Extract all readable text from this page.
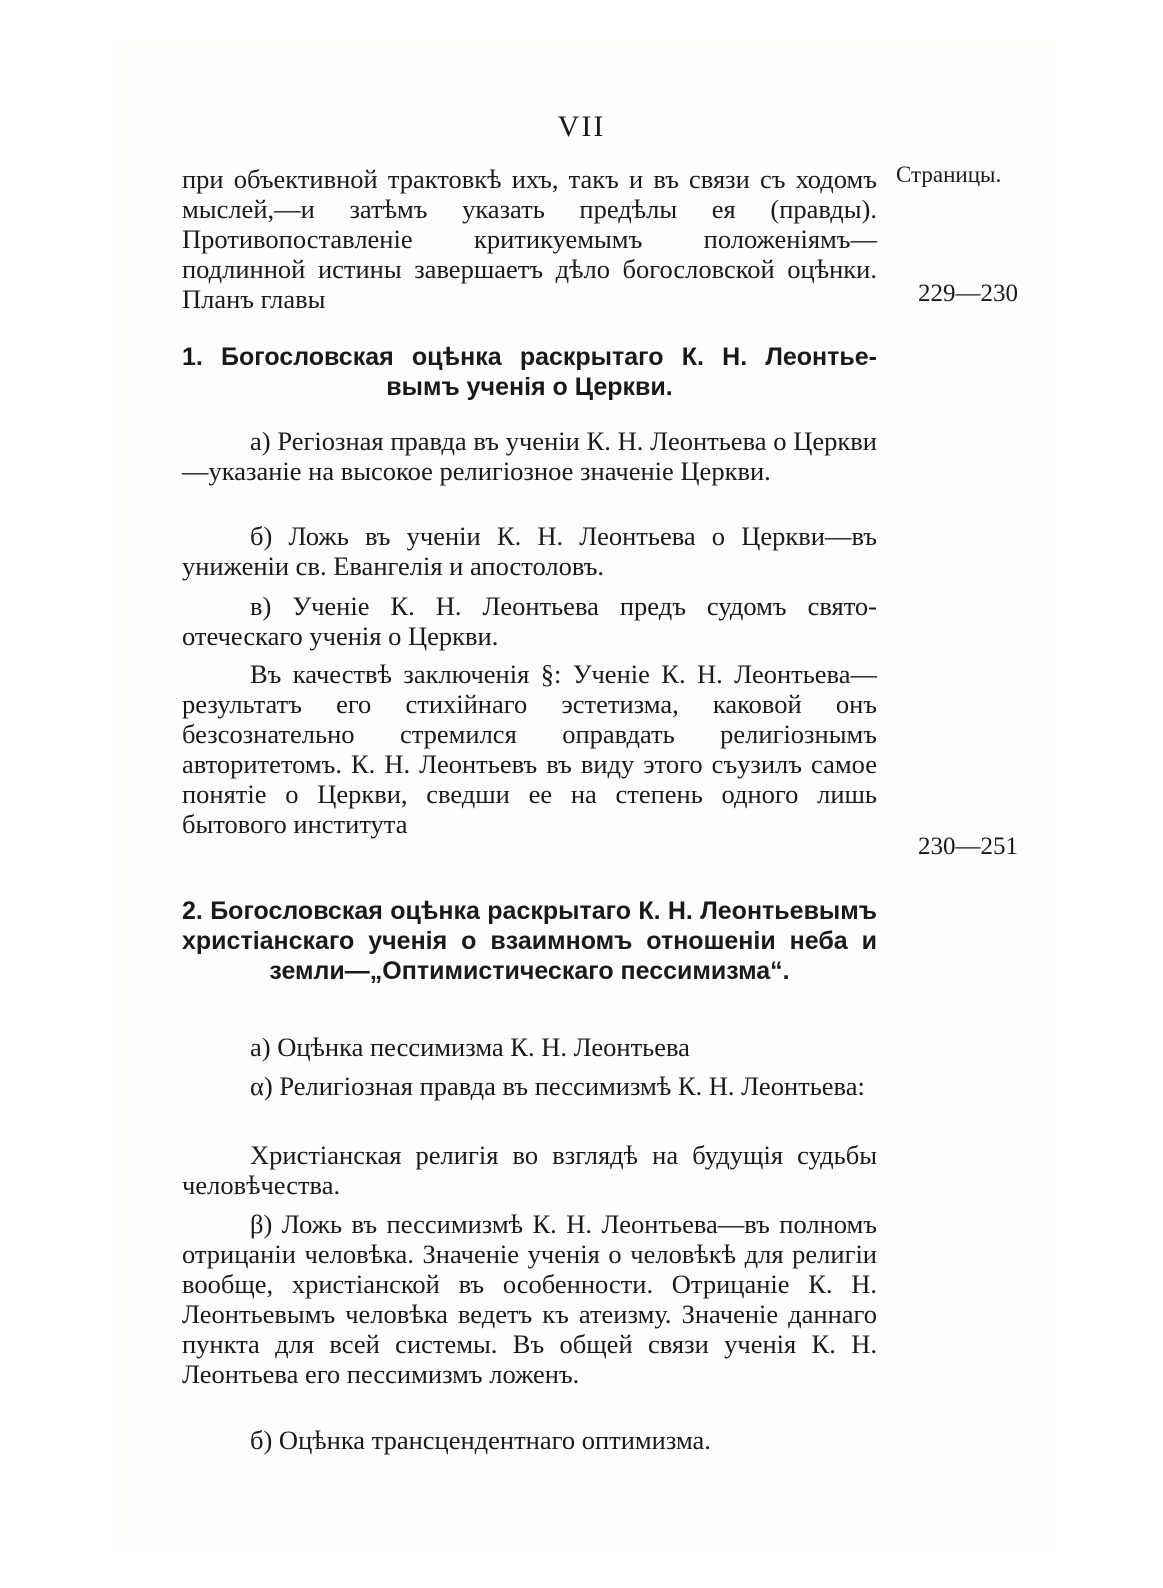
VII
Страницы.

при объективной трактовкѣ ихъ, такъ и въ связи съ ходомъ мыслей,—и затѣмъ указать предѣлы ея (правды). Противопоставленіе критикуемымъ положеніямъ—подлинной истины завершаетъ дѣло богословской оцѣнки. Планъ главы	229—230
1. Богословская оцѣнка раскрытаго К. Н. Леонтье-
вымъ ученія о Церкви.

а) Регіозная правда въ ученіи К. Н. Леонтьева о Церкви—указаніе на высокое религіозное значеніе Церкви.

б) Ложь въ ученіи К. Н. Леонтьева о Церкви—въ униженіи св. Евангелія и апостоловъ.

в) Ученіе К. Н. Леонтьева предъ судомъ свято-отеческаго ученія о Церкви.

Въ качествѣ заключенія §: Ученіе К. Н. Леонтьева—результатъ его стихійнаго эстетизма, каковой онъ безсознательно стремился оправдать религіознымъ авторитетомъ. К. Н. Леонтьевъ въ виду этого съузилъ самое понятіе о Церкви, сведши ее на степень одного лишь бытового института

230—251
2. Богословская оцѣнка раскрытаго К. Н. Леонтьевымъ христіанскаго ученія о взаимномъ отношеніи неба и земли—„Оптимистическаго пессимизма“.

а) Оцѣнка пессимизма К. Н. Леонтьева

α) Религіозная правда въ пессимизмѣ К. Н. Леонтьева:

Христіанская религія во взглядѣ на будущія судьбы человѣчества.

β) Ложь въ пессимизмѣ К. Н. Леонтьева—въ полномъ отрицаніи человѣка. Значеніе ученія о человѣкѣ для религіи вообще, христіанской въ особенности. Отрицаніе К. Н. Леонтьевымъ человѣка ведетъ къ атеизму. Значеніе даннаго пункта для всей системы. Въ общей связи ученія К. Н. Леонтьева его пессимизмъ ложенъ.

б) Оцѣнка трансцендентнаго оптимизма.
